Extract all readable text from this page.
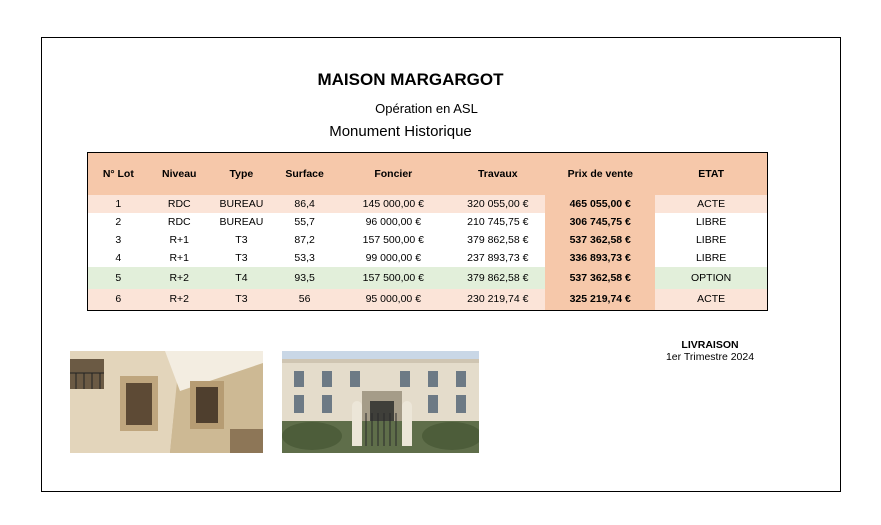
MAISON MARGARGOT
Opération en ASL
Monument Historique
N° Lot	Niveau	Type	Surface	Foncier	Travaux	Prix de vente	ETAT
1	RDC	BUREAU	86,4	145 000,00 €	320 055,00 €	465 055,00 €	ACTE
2	RDC	BUREAU	55,7	96 000,00 €	210 745,75 €	306 745,75 €	LIBRE
3	R+1	T3	87,2	157 500,00 €	379 862,58 €	537 362,58 €	LIBRE
4	R+1	T3	53,3	99 000,00 €	237 893,73 €	336 893,73 €	LIBRE
5	R+2	T4	93,5	157 500,00 €	379 862,58 €	537 362,58 €	OPTION
6	R+2	T3	56	95 000,00 €	230 219,74 €	325 219,74 €	ACTE
LIVRAISON
1er Trimestre 2024
